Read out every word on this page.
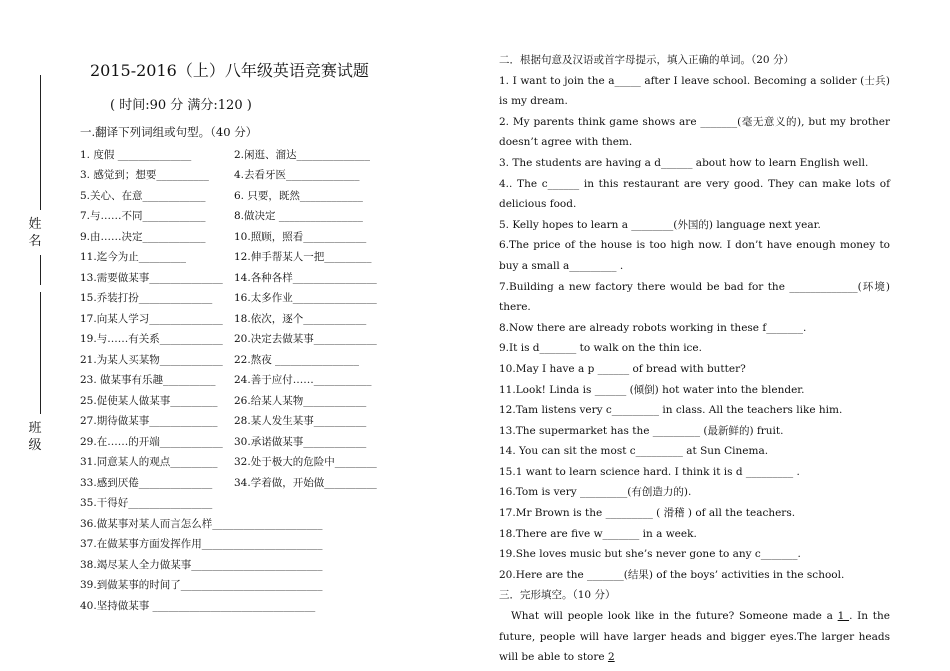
姓名
班级
2015-2016（上）八年级英语竞赛试题
( 时间:90 分 满分:120 )
一.翻译下列词组或句型。（40 分）
1. 度假 ______________	2.闲逛、溜达______________
3. 感觉到；想要__________	4.去看牙医______________
5.关心、在意____________	6. 只要，既然____________
7.与……不同____________	8.做决定 ________________
9.由……决定____________	10.照顾，照看____________
11.迄今为止_________	12.伸手帮某人一把_________
13.需要做某事______________	14.各种各样________________
15.乔装打扮______________	16.太多作业________________
17.向某人学习______________	18.依次，逐个____________
19.与……有关系____________	20.决定去做某事____________
21.为某人买某物____________	22.熬夜 ________________
23. 做某事有乐趣__________	24.善于应付……___________
25.促使某人做某事_________	26.给某人某物____________
27.期待做某事_____________	28.某人发生某事__________
29.在……的开端____________	30.承诺做某事____________
31.同意某人的观点_________	32.处于极大的危险中________
33.感到厌倦______________	34.学着做，开始做__________
35.干得好________________
36.做某事对某人而言怎么样_____________________
37.在做某事方面发挥作用_______________________
38.竭尽某人全力做某事_________________________
39.到做某事的时间了___________________________
40.坚持做某事 _______________________________

二．根据句意及汉语或首字母提示，填入正确的单词。（20 分）

1. I want to join the a_____ after I leave school. Becoming a solider (士兵) is my dream.

2. My parents think game shows are _______(毫无意义的), but my brother doesn’t agree with them.

3. The students are having a d______ about how to learn English well.

4.. The c______ in this restaurant are very good. They can make lots of delicious food.

5. Kelly hopes to learn a ________(外国的) language next year.

6.The price of the house is too high now. I don’t have enough money to buy a small a_________ .

7.Building a new factory there would be bad for the _____________(环境) there.

8.Now there are already robots working in these f_______.

9.It is d_______ to walk on the thin ice.

10.May I have a p ______ of bread with butter?

11.Look! Linda is ______ (倾倒) hot water into the blender.

12.Tam listens very c_________ in class. All the teachers like him.

13.The supermarket has the _________ (最新鲜的) fruit.

14. You can sit the most c_________ at Sun Cinema.

15.1 want to learn science hard. I think it is d _________ .

16.Tom is very _________(有创造力的).

17.Mr Brown is the _________ ( 滑稽 ) of all the teachers.

18.There are five w_______ in a week.

19.She loves music but she’s never gone to any c_______.

20.Here are the _______(结果) of the boys’ activities in the school.

三．完形填空。（10 分）

What will people look like in the future? Someone made a 1 . In the future, people will have larger heads and bigger eyes.The larger heads will be able to store 2
